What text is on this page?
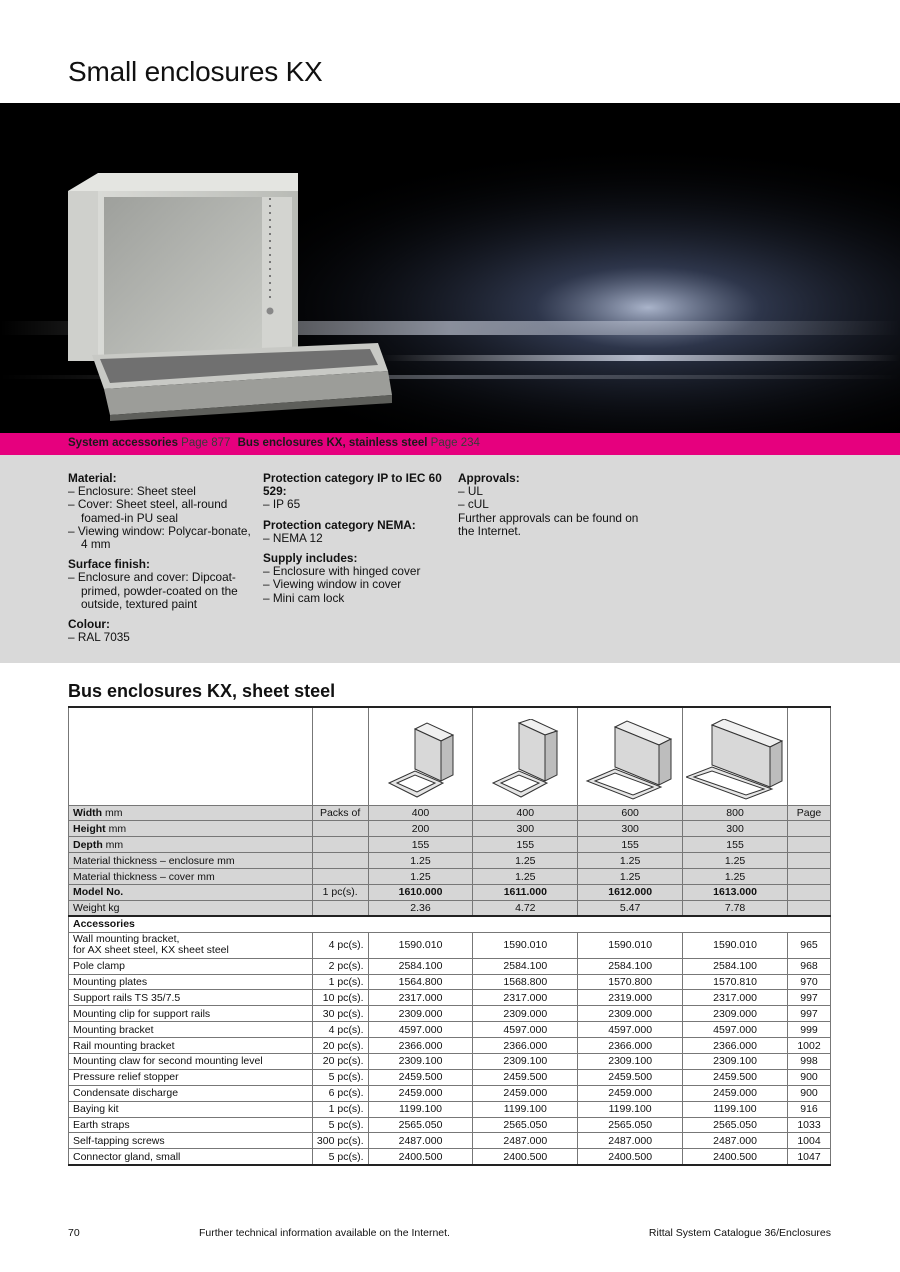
Small enclosures KX
System accessories Page 877 Bus enclosures KX, stainless steel Page 234
Material:
– Enclosure: Sheet steel
– Cover: Sheet steel, all-round foamed-in PU seal
– Viewing window: Polycar-bonate, 4 mm
Surface finish:
– Enclosure and cover: Dipcoat-primed, powder-coated on the outside, textured paint
Colour:
– RAL 7035
Protection category IP to IEC 60 529:
– IP 65
Protection category NEMA:
– NEMA 12
Supply includes:
– Enclosure with hinged cover
– Viewing window in cover
– Mini cam lock
Approvals:
– UL
– cUL
Further approvals can be found on the Internet.
Bus enclosures KX, sheet steel

Width mm	Packs of	400	400	600	800	Page
Height mm		200	300	300	300	
Depth mm		155	155	155	155	
Material thickness – enclosure mm		1.25	1.25	1.25	1.25	
Material thickness – cover mm		1.25	1.25	1.25	1.25	
Model No.	1 pc(s).	1610.000	1611.000	1612.000	1613.000	
Weight kg		2.36	4.72	5.47	7.78	
Accessories						
Wall mounting bracket,
for AX sheet steel, KX sheet steel	4 pc(s).	1590.010	1590.010	1590.010	1590.010	965
Pole clamp	2 pc(s).	2584.100	2584.100	2584.100	2584.100	968
Mounting plates	1 pc(s).	1564.800	1568.800	1570.800	1570.810	970
Support rails TS 35/7.5	10 pc(s).	2317.000	2317.000	2319.000	2317.000	997
Mounting clip for support rails	30 pc(s).	2309.000	2309.000	2309.000	2309.000	997
Mounting bracket	4 pc(s).	4597.000	4597.000	4597.000	4597.000	999
Rail mounting bracket	20 pc(s).	2366.000	2366.000	2366.000	2366.000	1002
Mounting claw for second mounting level	20 pc(s).	2309.100	2309.100	2309.100	2309.100	998
Pressure relief stopper	5 pc(s).	2459.500	2459.500	2459.500	2459.500	900
Condensate discharge	6 pc(s).	2459.000	2459.000	2459.000	2459.000	900
Baying kit	1 pc(s).	1199.100	1199.100	1199.100	1199.100	916
Earth straps	5 pc(s).	2565.050	2565.050	2565.050	2565.050	1033
Self-tapping screws	300 pc(s).	2487.000	2487.000	2487.000	2487.000	1004
Connector gland, small	5 pc(s).	2400.500	2400.500	2400.500	2400.500	1047
70	Further technical information available on the Internet.	Rittal System Catalogue 36/Enclosures
